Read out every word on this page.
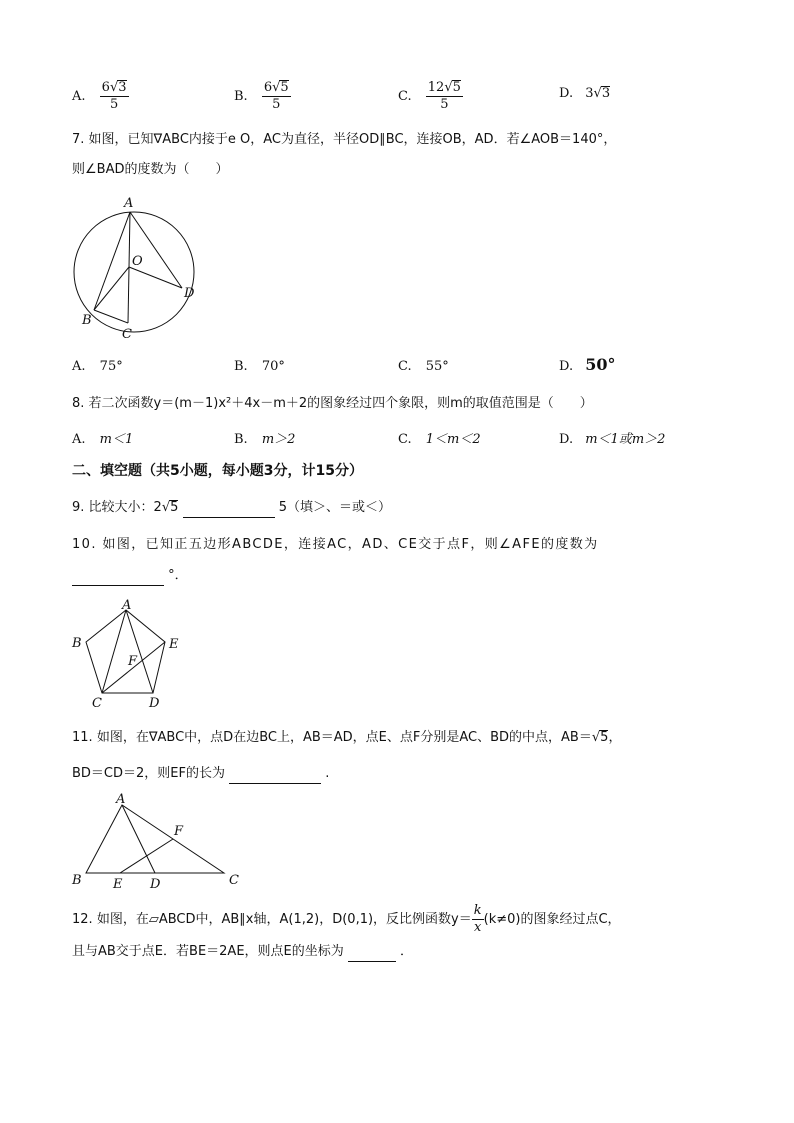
A. $\frac{6√3}{5}$	B. $\frac{6√5}{5}$	C. $\frac{12√5}{5}$	D. 3√3
7. 如图，已知∇ABC内接于e O，AC为直径，半径OD∥BC，连接OB，AD．若∠AOB＝140°，
则∠BAD的度数为（　　）
A
O
D
B
C
A. 75°	B. 70°	C. 55°	D. 50°
8. 若二次函数y＝(m－1)x²＋4x－m＋2的图象经过四个象限，则m的取值范围是（　　）
A. m＜1	B. m＞2	C. 1＜m＜2	D. m＜1或m＞2
二、填空题（共5小题，每小题3分，计15分）
9. 比较大小：2√5	5（填＞、＝或＜）
10. 如图，已知正五边形ABCDE，连接AC，AD、CE交于点F，则∠AFE的度数为
°．
A
B	E
F
C	D
11. 如图，在∇ABC中，点D在边BC上，AB＝AD，点E、点F分别是AC、BD的中点，AB＝√5，
BD＝CD＝2，则EF的长为	.
A
F
B E D	C
12. 如图，在▱ABCD中，AB∥x轴，A(1,2)，D(0,1)，反比例函数$y= \frac{k}{x} (k\ne 0)$的图象经过点C，
且与AB交于点E．若BE＝2AE，则点E的坐标为	．
